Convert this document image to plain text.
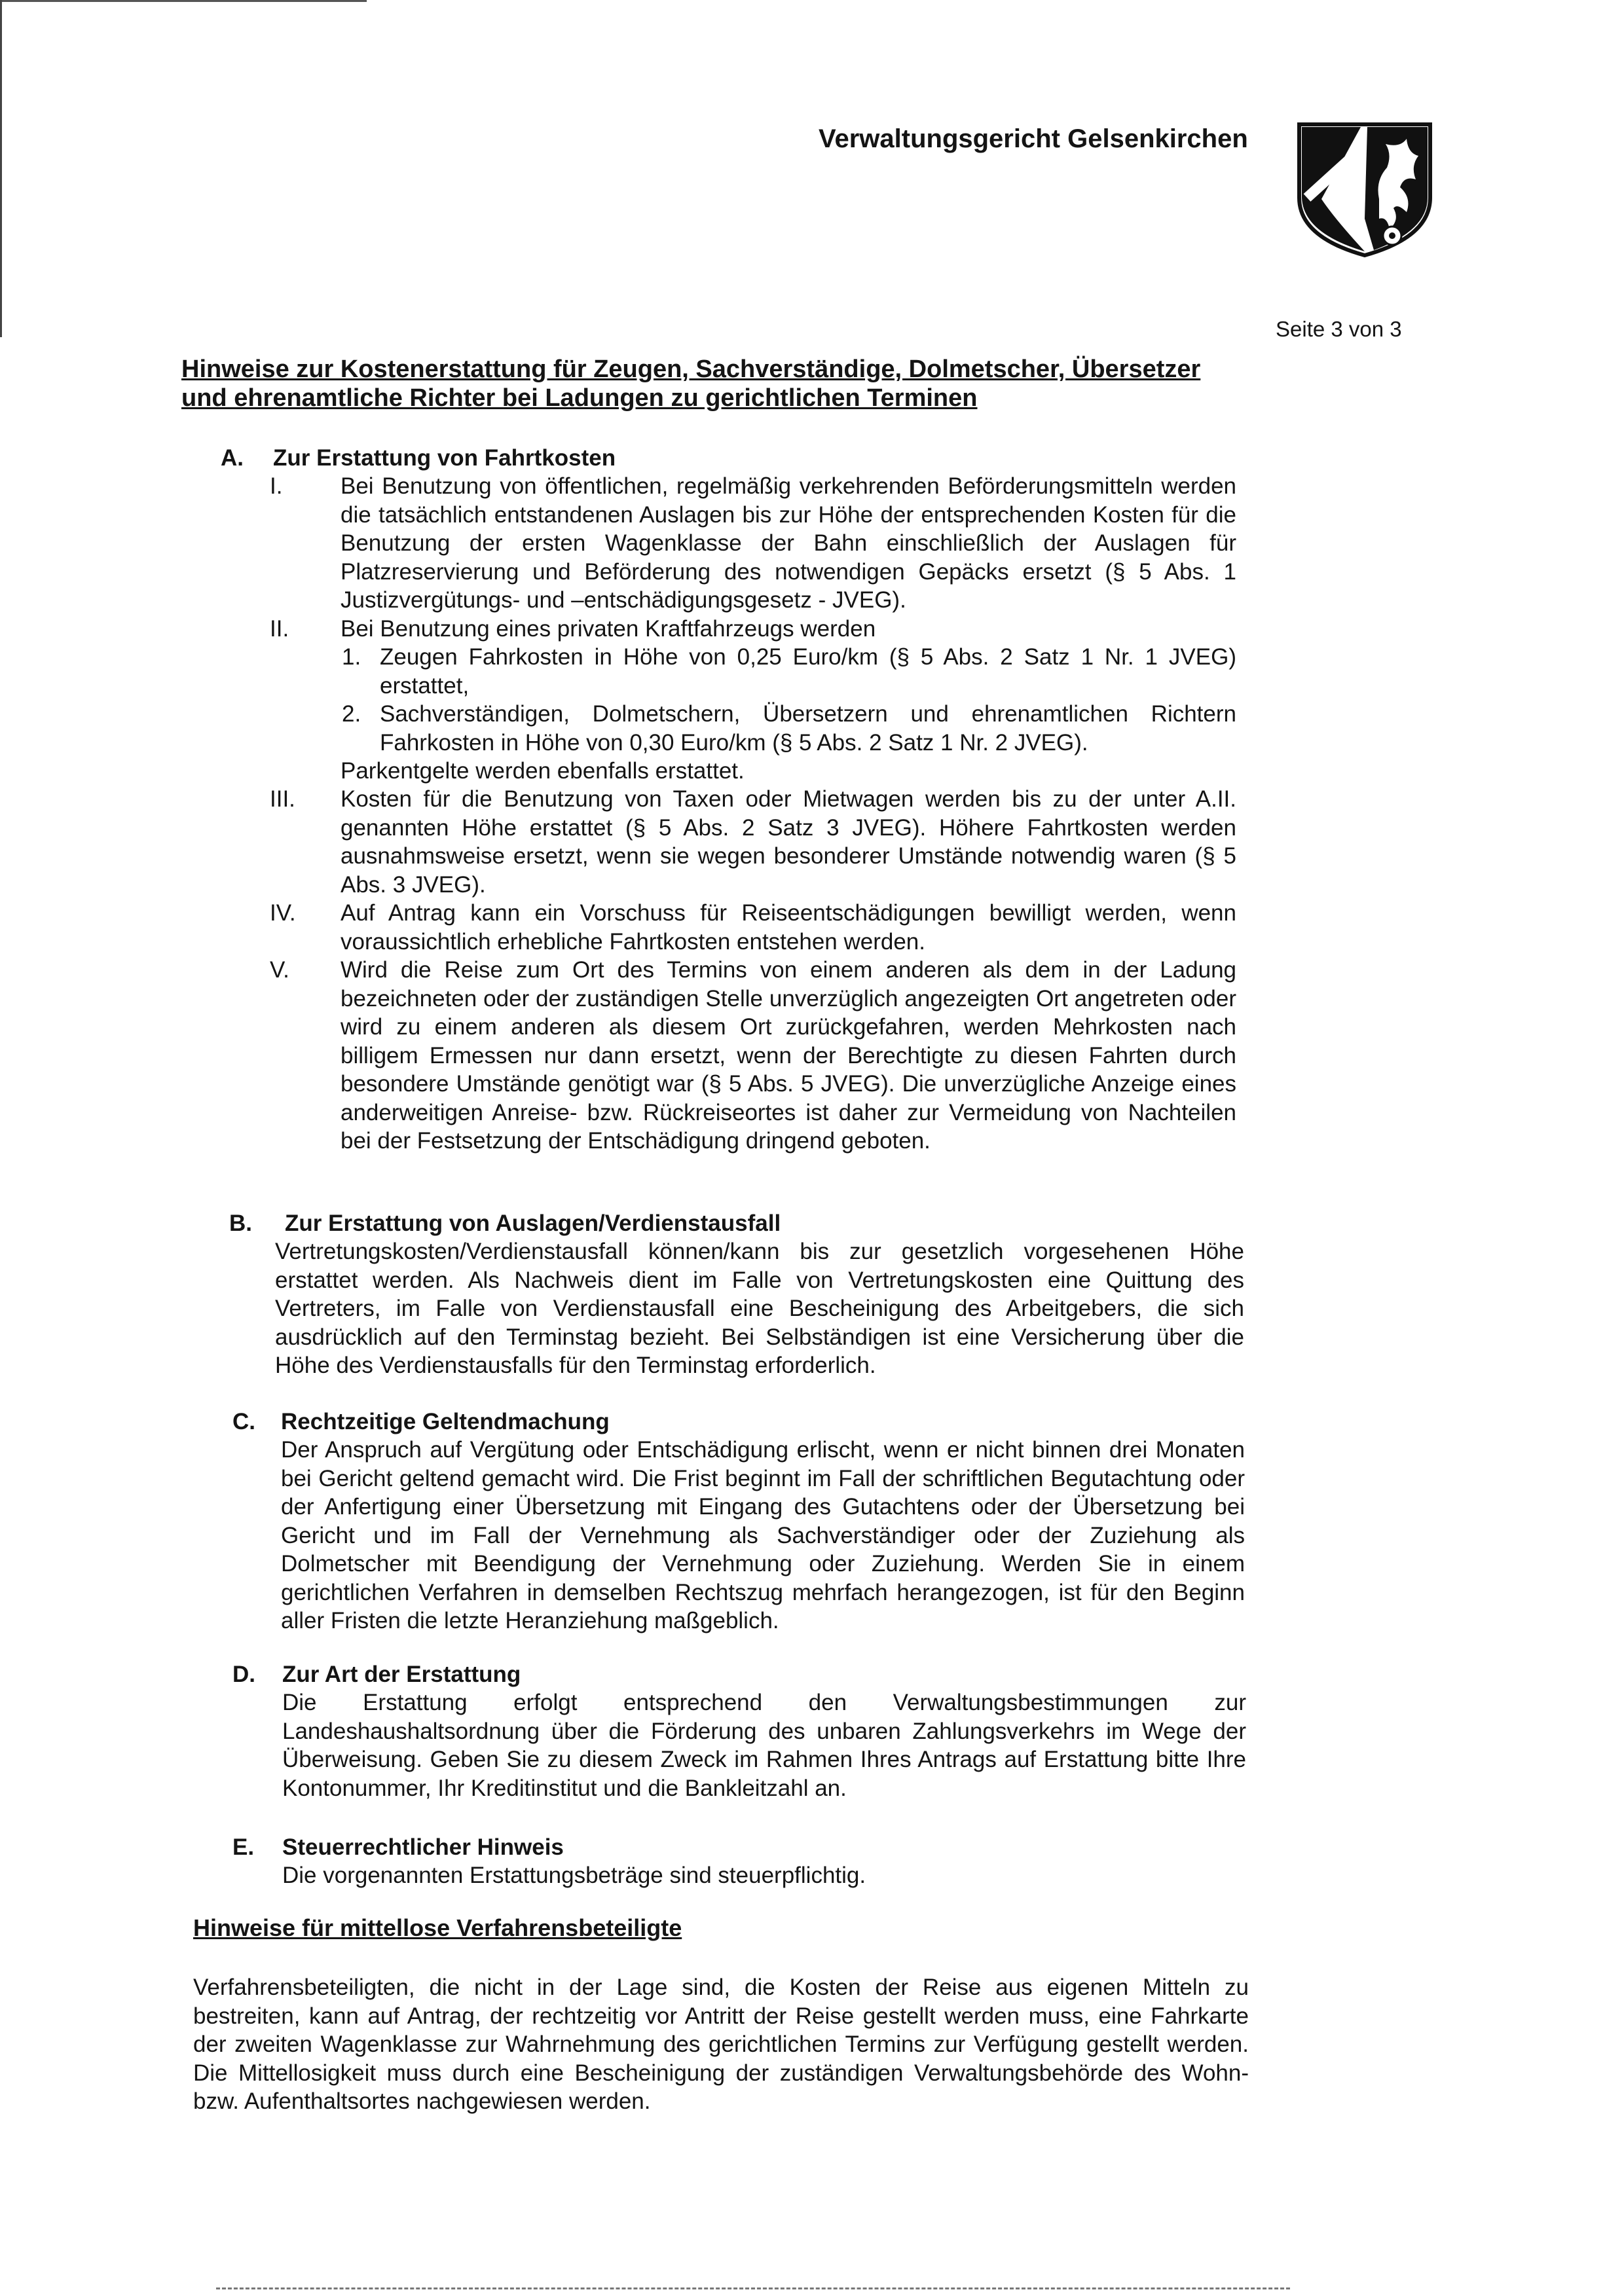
Verwaltungsgericht Gelsenkirchen
Seite 3 von 3
Hinweise zur Kostenerstattung für Zeugen, Sachverständige, Dolmetscher, Übersetzer
und ehrenamtliche Richter bei Ladungen zu gerichtlichen Terminen
A. Zur Erstattung von Fahrtkosten
I.	Bei Benutzung von öffentlichen, regelmäßig verkehrenden Beförderungsmitteln werden die tatsächlich entstandenen Auslagen bis zur Höhe der entsprechenden Kosten für die Benutzung der ersten Wagenklasse der Bahn einschließlich der Auslagen für Platzreservierung und Beförderung des notwendigen Gepäcks ersetzt (§ 5 Abs. 1 Justizvergütungs- und –entschädigungsgesetz - JVEG).
II. Bei Benutzung eines privaten Kraftfahrzeugs werden
1. Zeugen Fahrkosten in Höhe von 0,25 Euro/km (§ 5 Abs. 2 Satz 1 Nr. 1 JVEG) erstattet,
2. Sachverständigen, Dolmetschern, Übersetzern und ehrenamtlichen Richtern Fahrkosten in Höhe von 0,30 Euro/km (§ 5 Abs. 2 Satz 1 Nr. 2 JVEG).
Parkentgelte werden ebenfalls erstattet.
III. Kosten für die Benutzung von Taxen oder Mietwagen werden bis zu der unter A.II. genannten Höhe erstattet (§ 5 Abs. 2 Satz 3 JVEG). Höhere Fahrtkosten werden ausnahmsweise ersetzt, wenn sie wegen besonderer Umstände notwendig waren (§ 5 Abs. 3 JVEG).
IV. Auf Antrag kann ein Vorschuss für Reiseentschädigungen bewilligt werden, wenn voraussichtlich erhebliche Fahrtkosten entstehen werden.
V. Wird die Reise zum Ort des Termins von einem anderen als dem in der Ladung bezeichneten oder der zuständigen Stelle unverzüglich angezeigten Ort angetreten oder wird zu einem anderen als diesem Ort zurückgefahren, werden Mehrkosten nach billigem Ermessen nur dann ersetzt, wenn der Berechtigte zu diesen Fahrten durch besondere Umstände genötigt war (§ 5 Abs. 5 JVEG). Die unverzügliche Anzeige eines anderweitigen Anreise- bzw. Rückreiseortes ist daher zur Vermeidung von Nachteilen bei der Festsetzung der Entschädigung dringend geboten.
B. Zur Erstattung von Auslagen/Verdienstausfall
Vertretungskosten/Verdienstausfall können/kann bis zur gesetzlich vorgesehenen Höhe erstattet werden. Als Nachweis dient im Falle von Vertretungskosten eine Quittung des Vertreters, im Falle von Verdienstausfall eine Bescheinigung des Arbeitgebers, die sich ausdrücklich auf den Terminstag bezieht. Bei Selbständigen ist eine Versicherung über die Höhe des Verdienstausfalls für den Terminstag erforderlich.
C. Rechtzeitige Geltendmachung
Der Anspruch auf Vergütung oder Entschädigung erlischt, wenn er nicht binnen drei Monaten bei Gericht geltend gemacht wird. Die Frist beginnt im Fall der schriftlichen Begutachtung oder der Anfertigung einer Übersetzung mit Eingang des Gutachtens oder der Übersetzung bei Gericht und im Fall der Vernehmung als Sachverständiger oder der Zuziehung als Dolmetscher mit Beendigung der Vernehmung oder Zuziehung. Werden Sie in einem gerichtlichen Verfahren in demselben Rechtszug mehrfach herangezogen, ist für den Beginn aller Fristen die letzte Heranziehung maßgeblich.
D. Zur Art der Erstattung
Die Erstattung erfolgt entsprechend den Verwaltungsbestimmungen zur Landeshaushaltsordnung über die Förderung des unbaren Zahlungsverkehrs im Wege der Überweisung. Geben Sie zu diesem Zweck im Rahmen Ihres Antrags auf Erstattung bitte Ihre Kontonummer, Ihr Kreditinstitut und die Bankleitzahl an.
E. Steuerrechtlicher Hinweis
Die vorgenannten Erstattungsbeträge sind steuerpflichtig.
Hinweise für mittellose Verfahrensbeteiligte
Verfahrensbeteiligten, die nicht in der Lage sind, die Kosten der Reise aus eigenen Mitteln zu bestreiten, kann auf Antrag, der rechtzeitig vor Antritt der Reise gestellt werden muss, eine Fahrkarte der zweiten Wagenklasse zur Wahrnehmung des gerichtlichen Termins zur Verfügung gestellt werden. Die Mittellosigkeit muss durch eine Bescheinigung der zuständigen Verwaltungsbehörde des Wohn- bzw. Aufenthaltsortes nachgewiesen werden.
